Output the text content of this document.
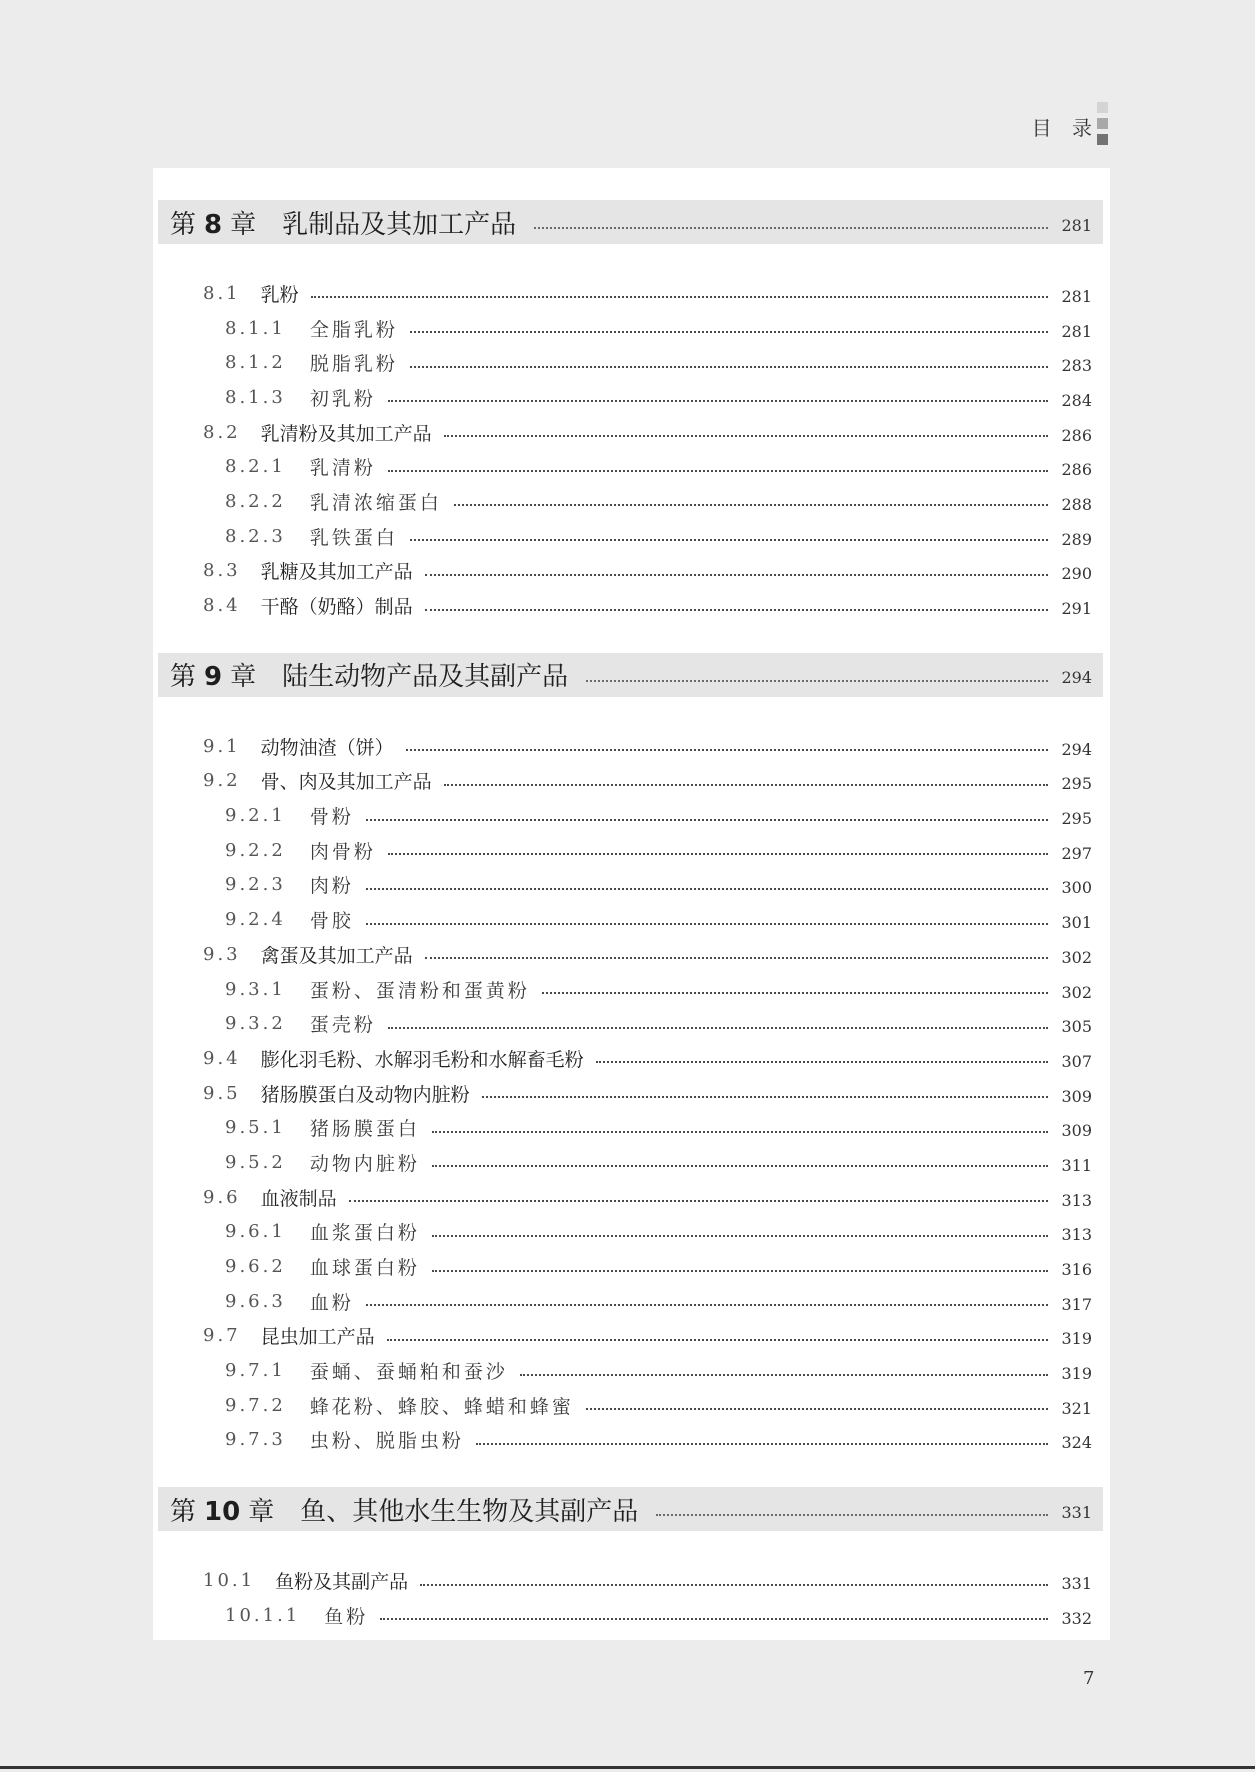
目 录
第 8 章 乳制品及其加工产品	281
8.1 乳粉	281
8.1.1 全脂乳粉	281
8.1.2 脱脂乳粉	283
8.1.3 初乳粉	284
8.2 乳清粉及其加工产品	286
8.2.1 乳清粉	286
8.2.2 乳清浓缩蛋白	288
8.2.3 乳铁蛋白	289
8.3 乳糖及其加工产品	290
8.4 干酪（奶酪）制品	291
第 9 章 陆生动物产品及其副产品	294
9.1 动物油渣（饼）	294
9.2 骨、肉及其加工产品	295
9.2.1 骨粉	295
9.2.2 肉骨粉	297
9.2.3 肉粉	300
9.2.4 骨胶	301
9.3 禽蛋及其加工产品	302
9.3.1 蛋粉、蛋清粉和蛋黄粉	302
9.3.2 蛋壳粉	305
9.4 膨化羽毛粉、水解羽毛粉和水解畜毛粉	307
9.5 猪肠膜蛋白及动物内脏粉	309
9.5.1 猪肠膜蛋白	309
9.5.2 动物内脏粉	311
9.6 血液制品	313
9.6.1 血浆蛋白粉	313
9.6.2 血球蛋白粉	316
9.6.3 血粉	317
9.7 昆虫加工产品	319
9.7.1 蚕蛹、蚕蛹粕和蚕沙	319
9.7.2 蜂花粉、蜂胶、蜂蜡和蜂蜜	321
9.7.3 虫粉、脱脂虫粉	324
第 10 章 鱼、其他水生生物及其副产品	331
10.1 鱼粉及其副产品	331
10.1.1 鱼粉	332
7
